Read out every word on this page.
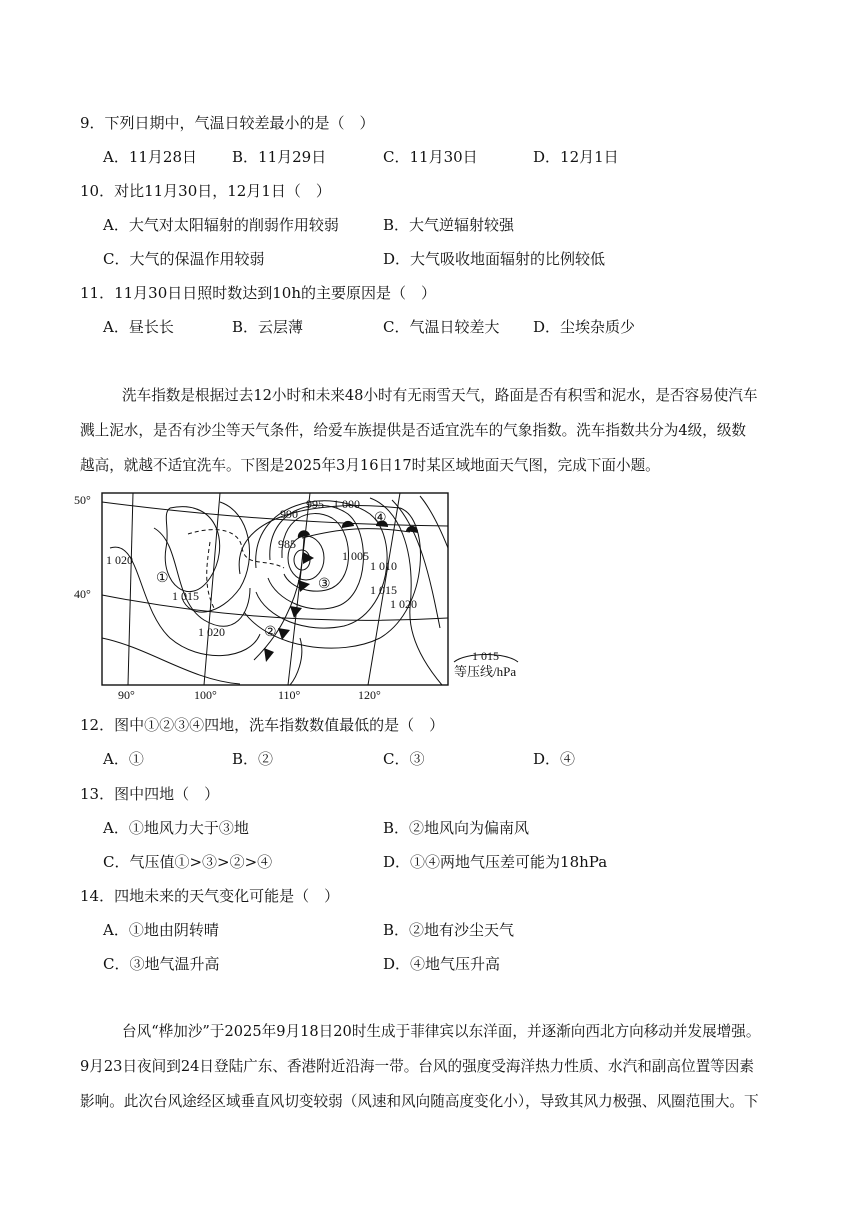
9．下列日期中，气温日较差最小的是（　）
A．11月28日 B．11月29日	C．11月30日	D．12月1日
10．对比11月30日，12月1日（　）
A．大气对太阳辐射的削弱作用较弱	B．大气逆辐射较强
C．大气的保温作用较弱	D．大气吸收地面辐射的比例较低
11．11月30日日照时数达到10h的主要原因是（　）
A．昼长长	B．云层薄	C．气温日较差大 D．尘埃杂质少
洗车指数是根据过去12小时和未来48小时有无雨雪天气，路面是否有积雪和泥水，是否容易使汽车
溅上泥水，是否有沙尘等天气条件，给爱车族提供是否适宜洗车的气象指数。洗车指数共分为4级，级数
越高，就越不适宜洗车。下图是2025年3月16日17时某区域地面天气图，完成下面小题。
50°
40°
90°	100°	110°	120°
995 1 000
990
985
1 020	1 005
1 010
1 015	1 015
1 020
1 020
①
②
③
④
1 015
等压线/hPa
12．图中①②③④四地，洗车指数数值最低的是（　）
A．①	B．②	C．③	D．④
13．图中四地（　）
A．①地风力大于③地	B．②地风向为偏南风
C．气压值①>③>②>④	D．①④两地气压差可能为18hPa
14．四地未来的天气变化可能是（　）
A．①地由阴转晴	B．②地有沙尘天气
C．③地气温升高	D．④地气压升高
台风“桦加沙”于2025年9月18日20时生成于菲律宾以东洋面，并逐渐向西北方向移动并发展增强。
9月23日夜间到24日登陆广东、香港附近沿海一带。台风的强度受海洋热力性质、水汽和副高位置等因素
影响。此次台风途经区域垂直风切变较弱（风速和风向随高度变化小），导致其风力极强、风圈范围大。下
